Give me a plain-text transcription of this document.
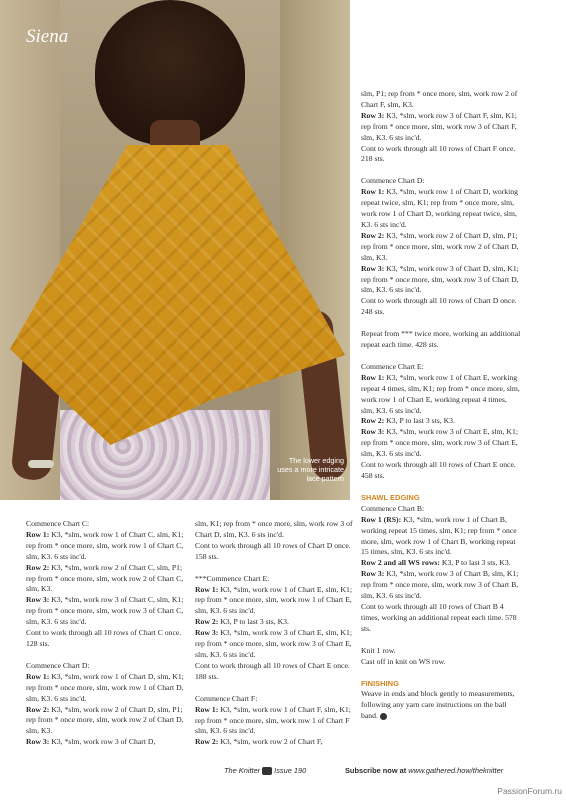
Siena
The lower edging uses a more intricate lace pattern

Commence Chart C:

Row 1: K3, *slm, work row 1 of Chart C, slm, K1; rep from * once more, slm, work row 1 of Chart C, slm, K3. 6 sts inc'd.

Row 2: K3, *slm, work row 2 of Chart C, slm, P1; rep from * once more, slm, work row 2 of Chart C, slm, K3.

Row 3: K3, *slm, work row 3 of Chart C, slm, K1; rep from * once more, slm, work row 3 of Chart C, slm, K3. 6 sts inc'd.

Cont to work through all 10 rows of Chart C once. 128 sts.

Commence Chart D:

Row 1: K3, *slm, work row 1 of Chart D, slm, K1; rep from * once more, slm, work row 1 of Chart D, slm, K3. 6 sts inc'd.

Row 2: K3, *slm, work row 2 of Chart D, slm, P1; rep from * once more, slm, work row 2 of Chart D, slm, K3.

Row 3: K3, *slm, work row 3 of Chart D,

slm, K1; rep from * once more, slm, work row 3 of Chart D, slm, K3. 6 sts inc'd.

Cont to work through all 10 rows of Chart D once. 158 sts.

***Commence Chart E:

Row 1: K3, *slm, work row 1 of Chart E, slm, K1; rep from * once more, slm, work row 1 of Chart E, slm, K3. 6 sts inc'd.

Row 2: K3, P to last 3 sts, K3.

Row 3: K3, *slm, work row 3 of Chart E, slm, K1; rep from * once more, slm, work row 3 of Chart E, slm, K3. 6 sts inc'd.

Cont to work through all 10 rows of Chart E once. 188 sts.

Commence Chart F:

Row 1: K3, *slm, work row 1 of Chart F, slm, K1; rep from * once more, slm, work row 1 of Chart F slm, K3. 6 sts inc'd.

Row 2: K3, *slm, work row 2 of Chart F,

slm, P1; rep from * once more, slm, work row 2 of Chart F, slm, K3.

Row 3: K3, *slm, work row 3 of Chart F, slm, K1; rep from * once more, slm, work row 3 of Chart F, slm, K3. 6 sts inc'd.

Cont to work through all 10 rows of Chart F once. 218 sts.

Commence Chart D:

Row 1: K3, *slm, work row 1 of Chart D, working repeat twice, slm, K1; rep from * once more, slm, work row 1 of Chart D, working repeat twice, slm, K3. 6 sts inc'd.

Row 2: K3, *slm, work row 2 of Chart D, slm, P1; rep from * once more, slm, work row 2 of Chart D, slm, K3.

Row 3: K3, *slm, work row 3 of Chart D, slm, K1; rep from * once more, slm, work row 3 of Chart D, slm, K3. 6 sts inc'd.

Cont to work through all 10 rows of Chart D once. 248 sts.

Repeat from *** twice more, working an additional repeat each time. 428 sts.

Commence Chart E:

Row 1: K3, *slm, work row 1 of Chart E, working repeat 4 times, slm, K1; rep from * once more, slm, work row 1 of Chart E, working repeat 4 times, slm, K3. 6 sts inc'd.

Row 2: K3, P to last 3 sts, K3.

Row 3: K3, *slm, work row 3 of Chart E, slm, K1; rep from * once more, slm, work row 3 of Chart E, slm, K3. 6 sts inc'd.

Cont to work through all 10 rows of Chart E once. 458 sts.

SHAWL EDGING

Commence Chart B:

Row 1 (RS): K3, *slm, work row 1 of Chart B, working repeat 15 times, slm, K1; rep from * once more, slm, work row 1 of Chart B, working repeat 15 times, slm, K3. 6 sts inc'd.

Row 2 and all WS rows: K3, P to last 3 sts, K3.

Row 3: K3, *slm, work row 3 of Chart B, slm, K1; rep from * once more, slm, work row 3 of Chart B, slm, K3. 6 sts inc'd.

Cont to work through all 10 rows of Chart B 4 times, working an additional repeat each time. 578 sts.

Knit 1 row.

Cast off in knit on WS row.

FINISHING

Weave in ends and block gently to measurements, following any yarn care instructions on the ball band.

The Knitter Issue 190	Subscribe now at www.gathered.how/theknitter
PassionForum.ru
